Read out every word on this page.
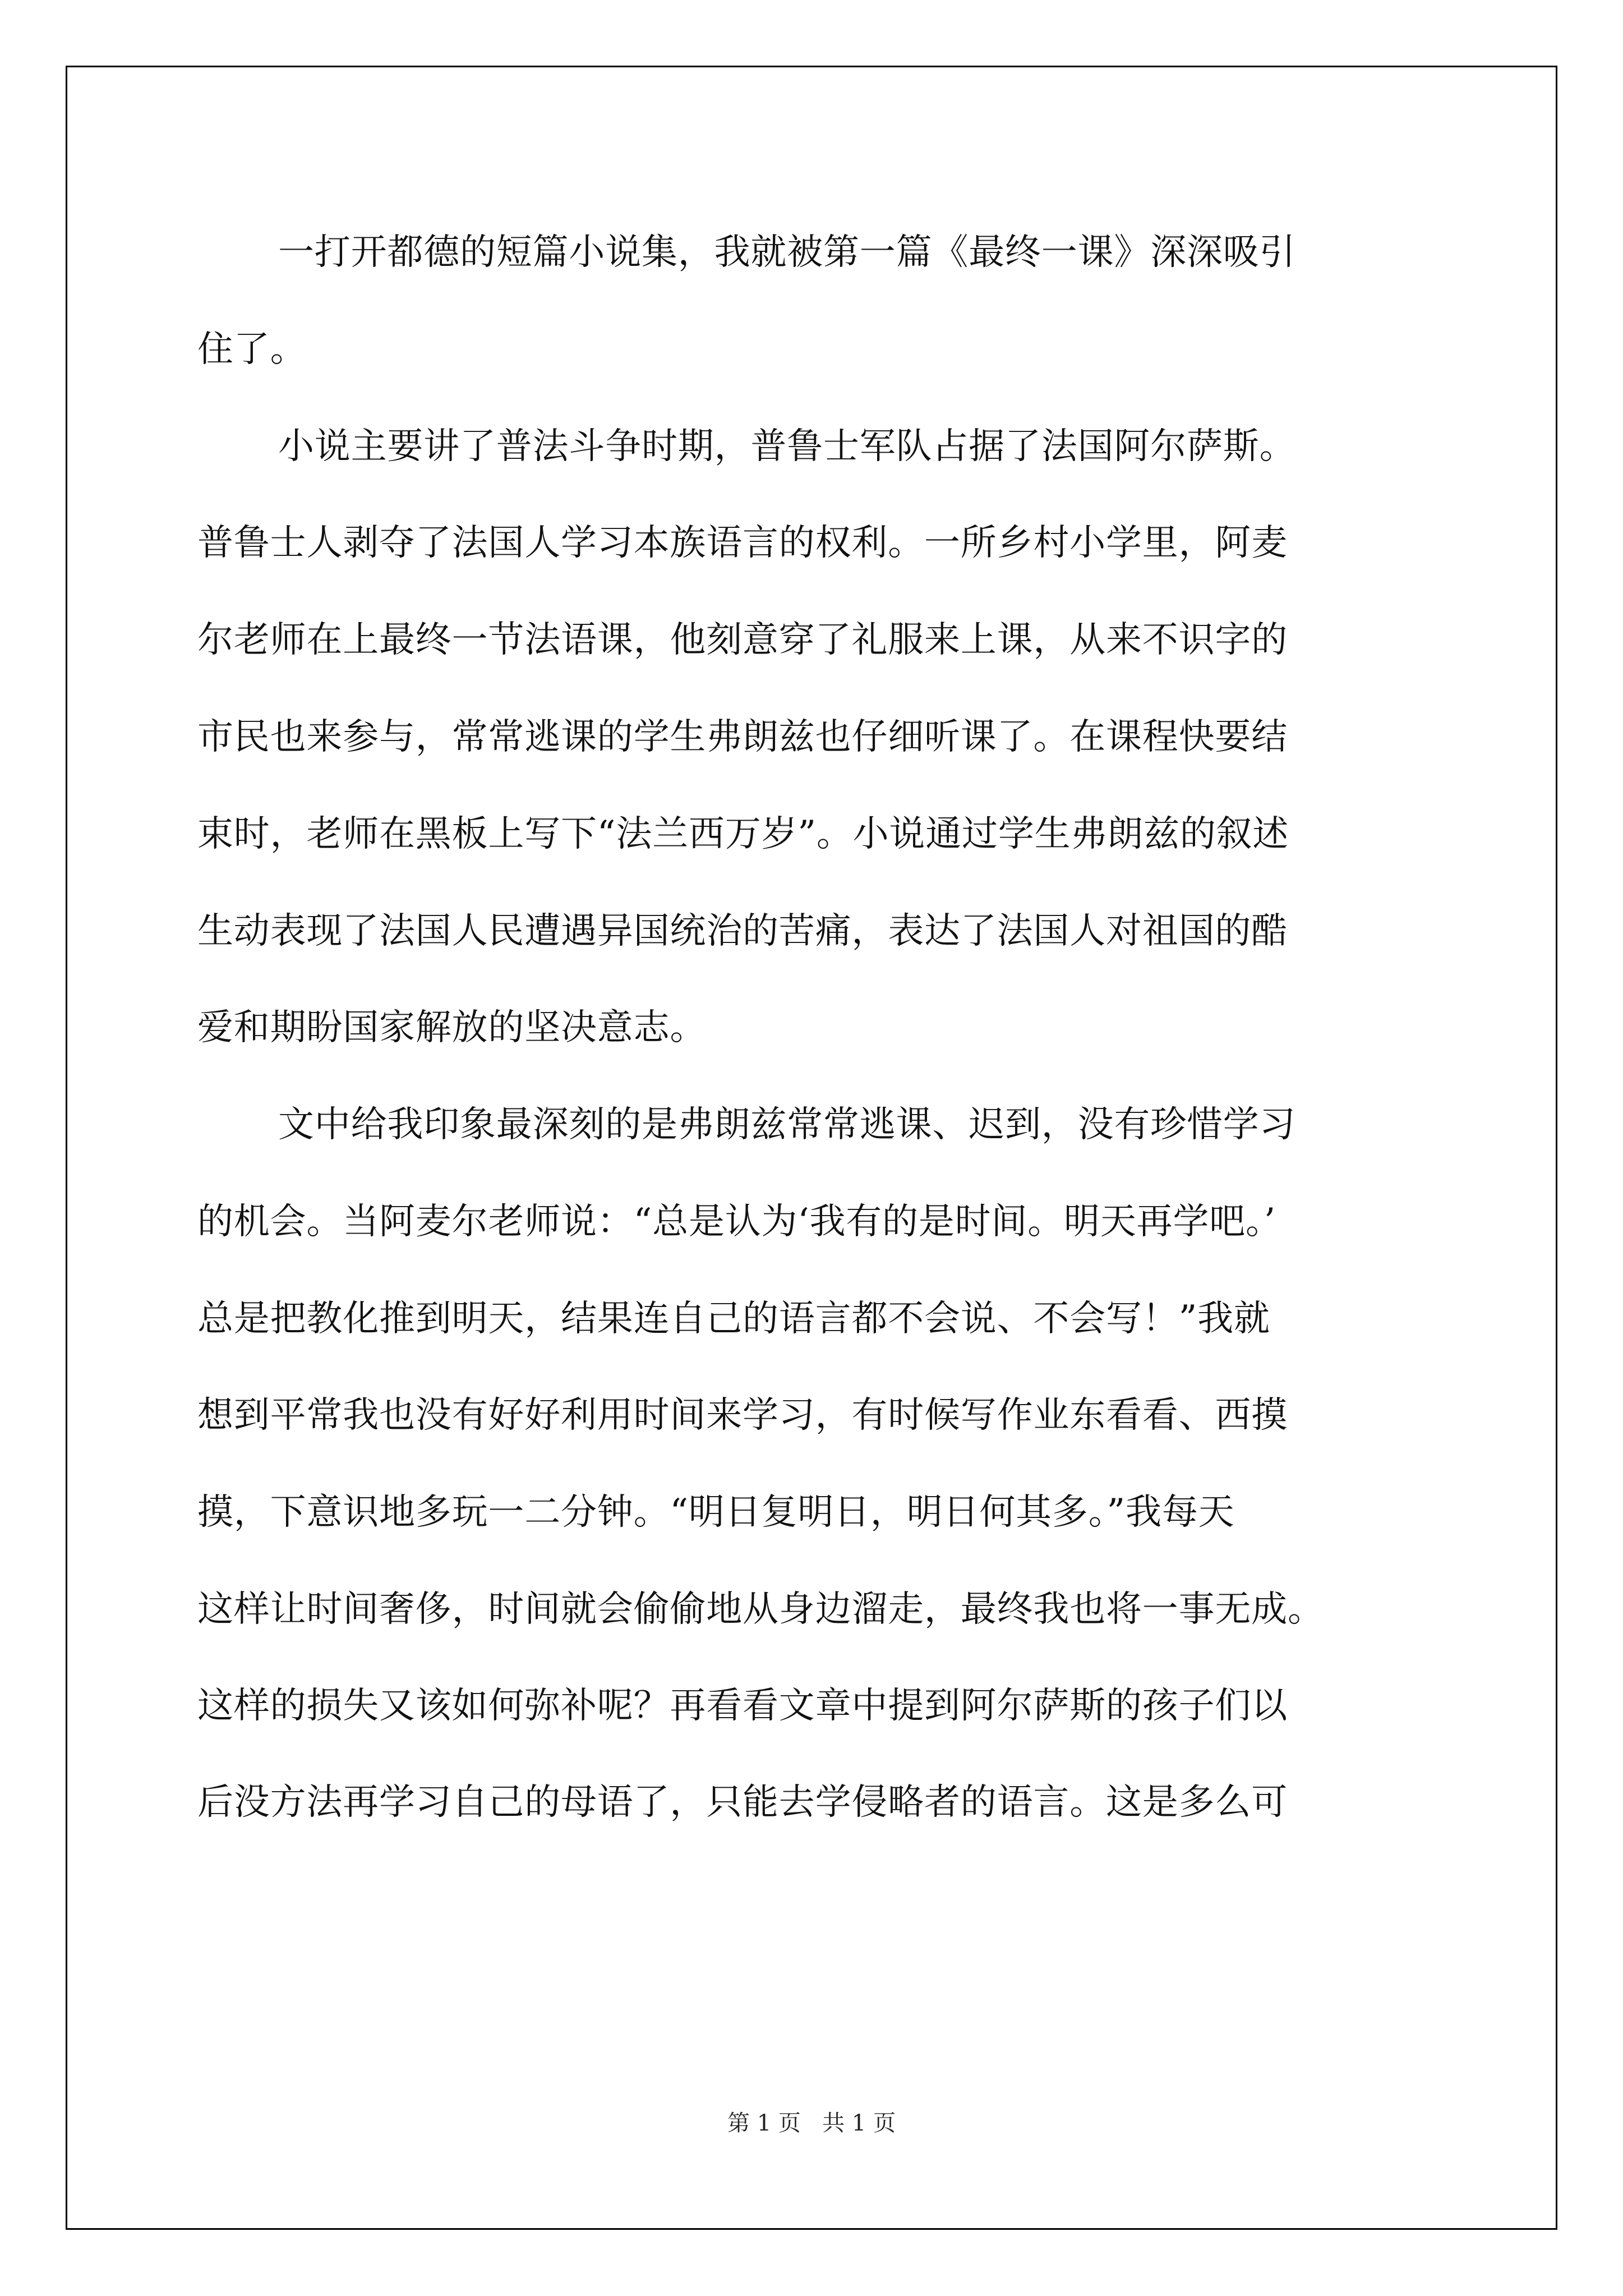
一打开都德的短篇小说集，我就被第一篇《最终一课》深深吸引
住了。
小说主要讲了普法斗争时期，普鲁士军队占据了法国阿尔萨斯。
普鲁士人剥夺了法国人学习本族语言的权利。一所乡村小学里，阿麦
尔老师在上最终一节法语课，他刻意穿了礼服来上课，从来不识字的
市民也来参与，常常逃课的学生弗朗兹也仔细听课了。在课程快要结
束时，老师在黑板上写下“法兰西万岁”。小说通过学生弗朗兹的叙述
生动表现了法国人民遭遇异国统治的苦痛，表达了法国人对祖国的酷
爱和期盼国家解放的坚决意志。
文中给我印象最深刻的是弗朗兹常常逃课、迟到，没有珍惜学习
的机会。当阿麦尔老师说：“总是认为‘我有的是时间。明天再学吧。’
总是把教化推到明天，结果连自己的语言都不会说、不会写！”我就
想到平常我也没有好好利用时间来学习，有时候写作业东看看、西摸
摸，下意识地多玩一二分钟。“明日复明日，明日何其多。”我每天
这样让时间奢侈，时间就会偷偷地从身边溜走，最终我也将一事无成。
这样的损失又该如何弥补呢？再看看文章中提到阿尔萨斯的孩子们以
后没方法再学习自己的母语了，只能去学侵略者的语言。这是多么可
第 1 页   共 1 页
